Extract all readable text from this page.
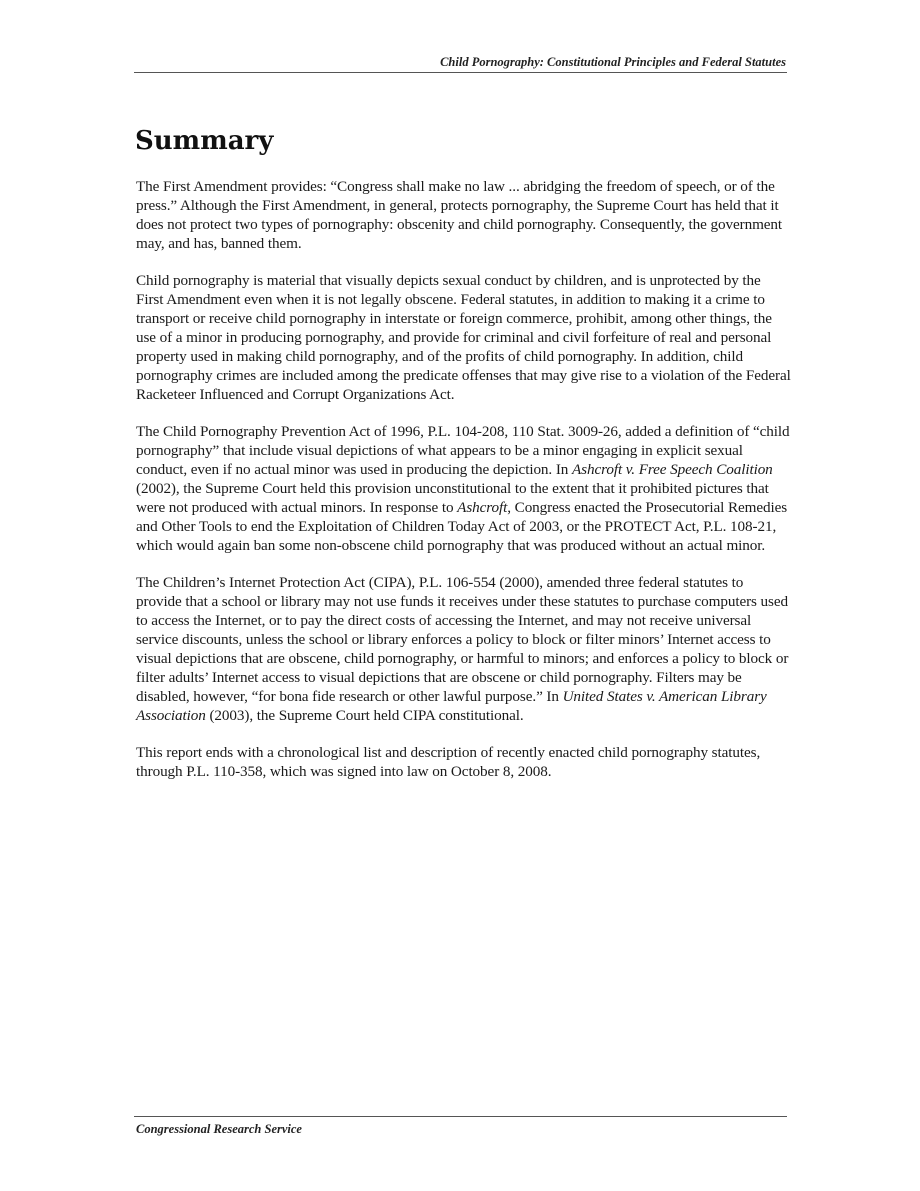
Child Pornography: Constitutional Principles and Federal Statutes
Summary

The First Amendment provides: “Congress shall make no law ... abridging the freedom of speech, or of the press.” Although the First Amendment, in general, protects pornography, the Supreme Court has held that it does not protect two types of pornography: obscenity and child pornography. Consequently, the government may, and has, banned them.

Child pornography is material that visually depicts sexual conduct by children, and is unprotected by the First Amendment even when it is not legally obscene. Federal statutes, in addition to making it a crime to transport or receive child pornography in interstate or foreign commerce, prohibit, among other things, the use of a minor in producing pornography, and provide for criminal and civil forfeiture of real and personal property used in making child pornography, and of the profits of child pornography. In addition, child pornography crimes are included among the predicate offenses that may give rise to a violation of the Federal Racketeer Influenced and Corrupt Organizations Act.

The Child Pornography Prevention Act of 1996, P.L. 104-208, 110 Stat. 3009-26, added a definition of “child pornography” that include visual depictions of what appears to be a minor engaging in explicit sexual conduct, even if no actual minor was used in producing the depiction. In Ashcroft v. Free Speech Coalition (2002), the Supreme Court held this provision unconstitutional to the extent that it prohibited pictures that were not produced with actual minors. In response to Ashcroft, Congress enacted the Prosecutorial Remedies and Other Tools to end the Exploitation of Children Today Act of 2003, or the PROTECT Act, P.L. 108-21, which would again ban some non-obscene child pornography that was produced without an actual minor.

The Children’s Internet Protection Act (CIPA), P.L. 106-554 (2000), amended three federal statutes to provide that a school or library may not use funds it receives under these statutes to purchase computers used to access the Internet, or to pay the direct costs of accessing the Internet, and may not receive universal service discounts, unless the school or library enforces a policy to block or filter minors’ Internet access to visual depictions that are obscene, child pornography, or harmful to minors; and enforces a policy to block or filter adults’ Internet access to visual depictions that are obscene or child pornography. Filters may be disabled, however, “for bona fide research or other lawful purpose.” In United States v. American Library Association (2003), the Supreme Court held CIPA constitutional.

This report ends with a chronological list and description of recently enacted child pornography statutes, through P.L. 110-358, which was signed into law on October 8, 2008.

Congressional Research Service
